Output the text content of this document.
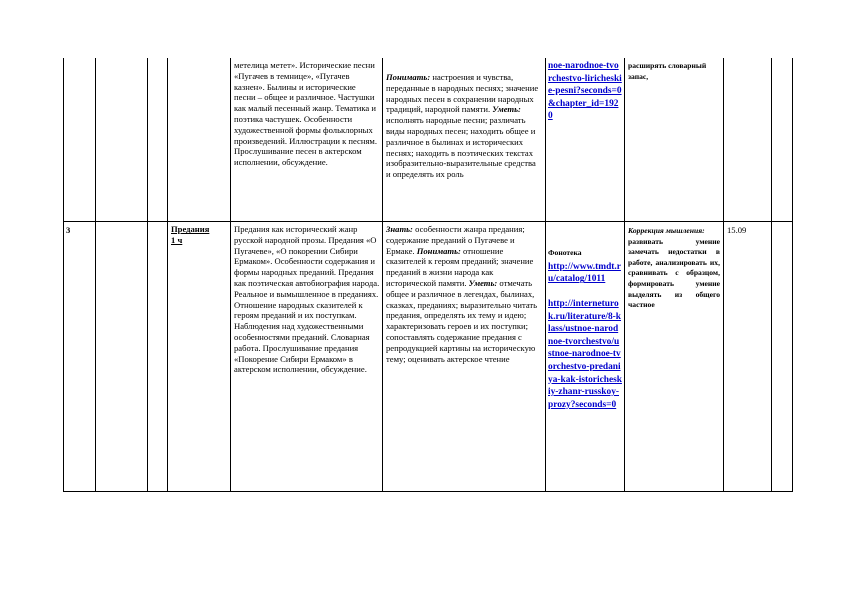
метелица метет». Исторические песни «Пугачев в темнице», «Пугачев казнен». Былины и исторические песни – общее и различное. Частушки как малый песенный жанр. Тематика и поэтика частушек. Особенности художественной формы фольклорных произведений. Иллюстрации к песням. Прослушивание песен в актерском исполнении, обсуждение.
Понимать: настроения и чувства, переданные в народных песнях; значение народных песен в сохранении народных традиций, народной памяти. Уметь: исполнять народные песни; различать виды народных песен; находить общее и различное в былинах и исторических песнях; находить в поэтических текстах изобразительно-выразительные средства и определять их роль
noe-narodnoe-tvorchestvo-liricheskie-pesni?seconds=0&chapter_id=1920
расширять словарный запас,
3	Предания
1 ч
Предания как исторический жанр русской народной прозы. Предания «О Пугачеве», «О покорении Сибири Ермаком». Особенности содержания и формы народных преданий. Предания как поэтическая автобиография народа. Реальное и вымышленное в преданиях. Отношение народных сказителей к героям преданий и их поступкам. Наблюдения над художественными особенностями преданий. Словарная работа. Прослушивание предания «Покорение Сибири Ермаком» в актерском исполнении, обсуждение.
Знать: особенности жанра предания; содержание преданий о Пугачеве и Ермаке. Понимать: отношение сказителей к героям преданий; значение преданий в жизни народа как исторической памяти. Уметь: отмечать общее и различное в легендах, былинах, сказках, преданиях; выразительно читать предания, определять их тему и идею; характеризовать героев и их поступки; сопоставлять содержание предания с репродукцией картины на историческую тему; оценивать актерское чтение
Фонотека
http://www.tmdt.ru/catalog/1011
http://interneturok.ru/literature/8-klass/ustnoe-narodnoe-tvorchestvo/ustnoe-narodnoe-tvorchestvo-predaniya-kak-istoricheskiy-zhanr-russkoy-prozy?seconds=0
Коррекция мышления:
развивать умение замечать недостатки в работе, анализировать их, сравнивать с образцом, формировать умение выделять из общего частное
15.09
